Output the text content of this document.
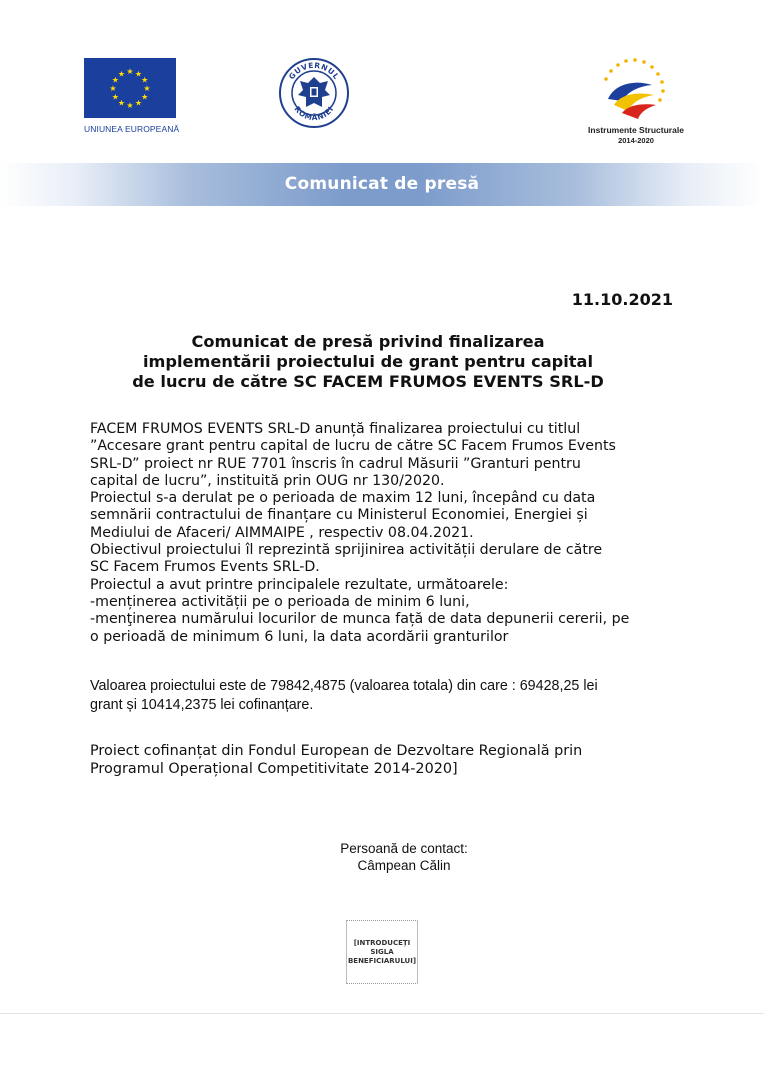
★ ★
★
★
★
★
★
★
★
★
★
★
UNIUNEA EUROPEANĂ
GUVERNUL
ROMÂNIEI
Instrumente Structurale
2014-2020
Comunicat de presă
11.10.2021
Comunicat de presă privind finalizarea
implementării proiectului de grant pentru capital
de lucru de către SC FACEM FRUMOS EVENTS SRL-D
FACEM FRUMOS EVENTS SRL-D anunță finalizarea proiectului cu titlul
”Accesare grant pentru capital de lucru de către SC Facem Frumos Events
SRL-D” proiect nr RUE 7701 înscris în cadrul Măsurii ”Granturi pentru
capital de lucru”, instituită prin OUG nr 130/2020.
Proiectul s-a derulat pe o perioada de maxim 12 luni, începând cu data
semnării contractului de finanțare cu Ministerul Economiei, Energiei și
Mediului de Afaceri/ AIMMAIPE , respectiv 08.04.2021.
Obiectivul proiectului îl reprezintă sprijinirea activității derulare de către
SC Facem Frumos Events SRL-D.
Proiectul a avut printre principalele rezultate, următoarele:
-menținerea activității pe o perioada de minim 6 luni,
-menţinerea numărului locurilor de munca față de data depunerii cererii, pe
o perioadă de minimum 6 luni, la data acordării granturilor
Valoarea proiectului este de 79842,4875 (valoarea totala) din care : 69428,25 lei
grant și 10414,2375 lei cofinanțare.
Proiect cofinanțat din Fondul European de Dezvoltare Regională prin
Programul Operațional Competitivitate 2014-2020]
Persoană de contact:
Câmpean Călin
[INTRODUCEȚI
SIGLA
BENEFICIARULUI]
